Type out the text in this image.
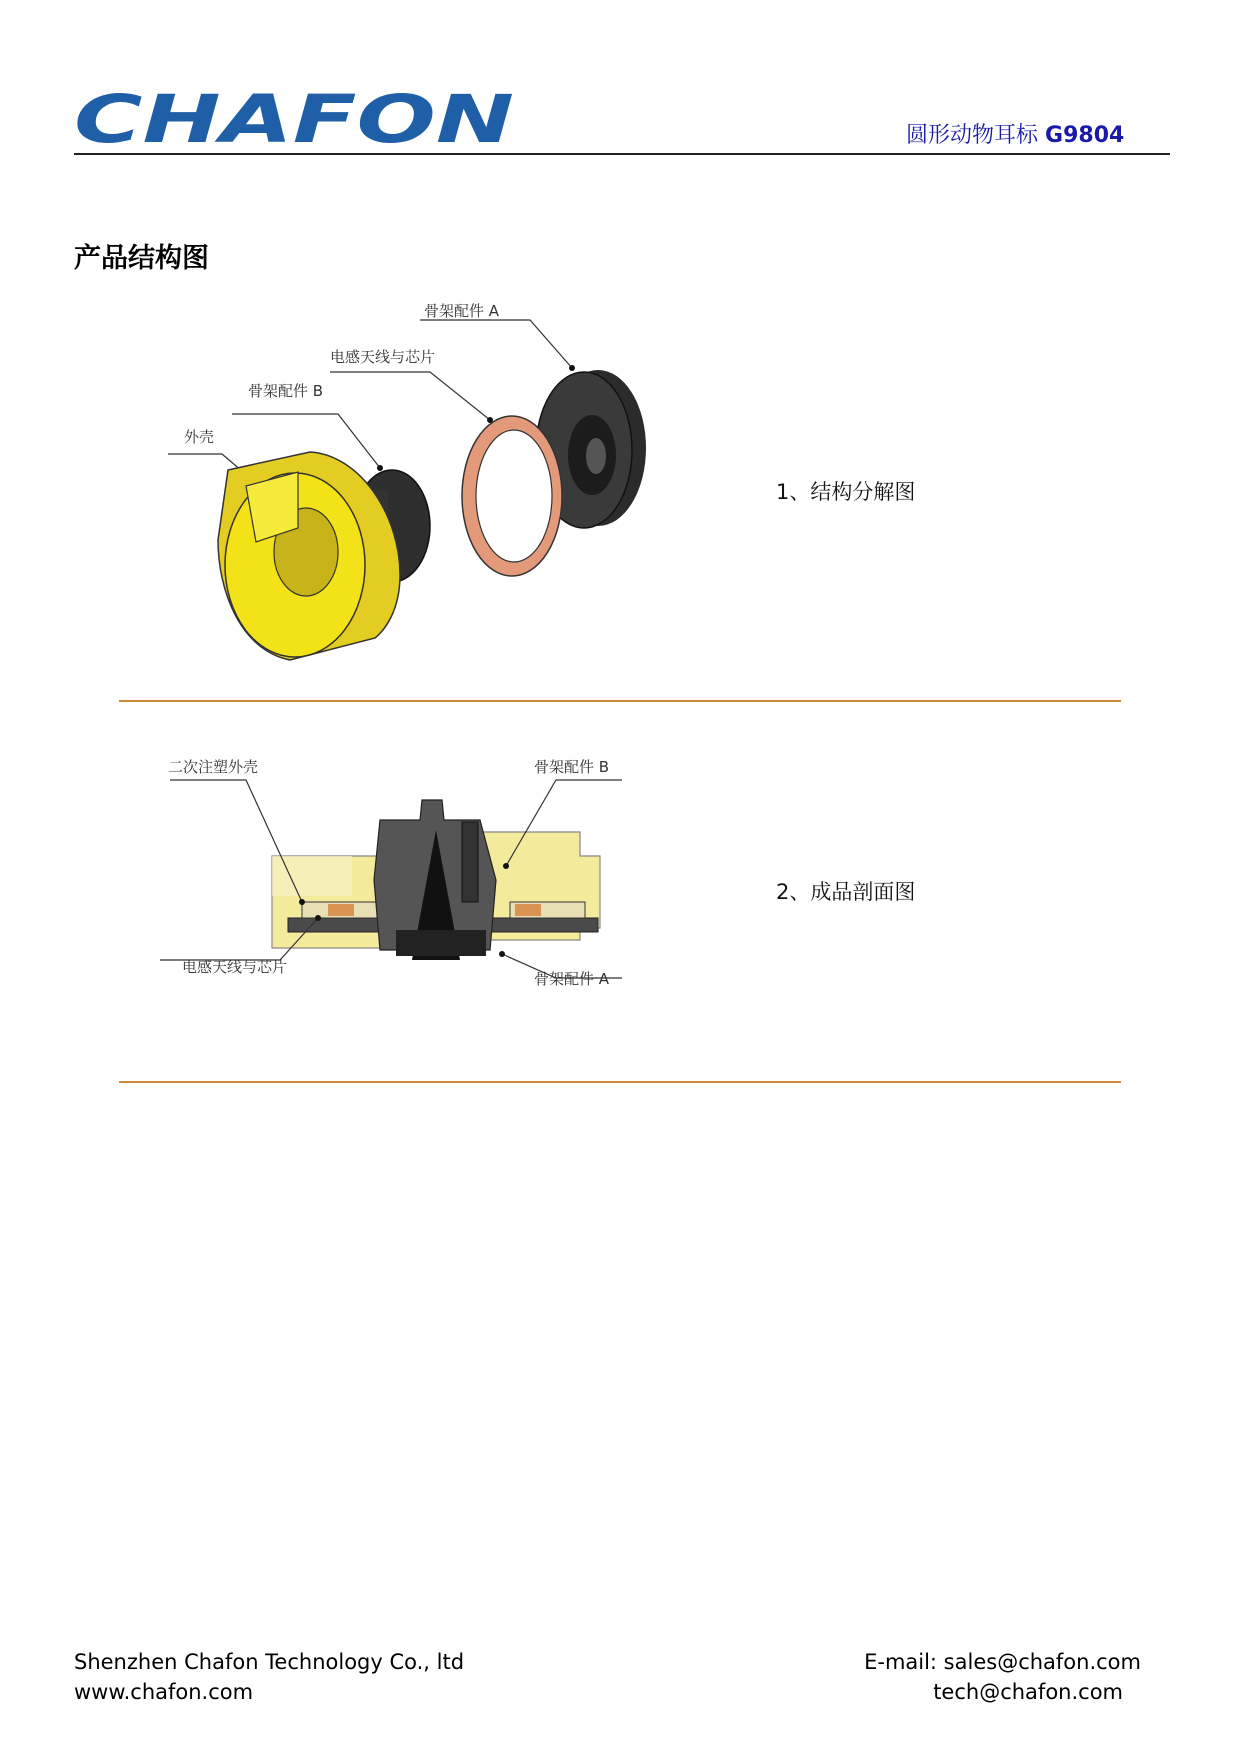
CHAFON	圆形动物耳标 G9804
产品结构图
骨架配件 A
电感天线与芯片
骨架配件 B
外壳
1、结构分解图
二次注塑外壳	骨架配件 B
电感天线与芯片
骨架配件 A
2、成品剖面图
Shenzhen Chafon Technology Co., ltd
www.chafon.com
E-mail: sales@chafon.com
tech@chafon.com
